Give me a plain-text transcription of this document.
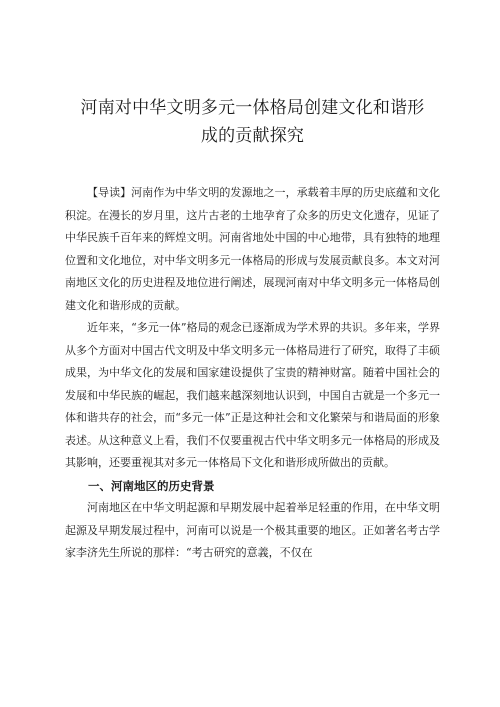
河南对中华文明多元一体格局创建文化和谐形
成的贡献探究

【导读】河南作为中华文明的发源地之一，承载着丰厚的历史底蕴和文化积淀。在漫长的岁月里，这片古老的土地孕育了众多的历史文化遗存，见证了中华民族千百年来的辉煌文明。河南省地处中国的中心地带，具有独特的地理位置和文化地位，对中华文明多元一体格局的形成与发展贡献良多。本文对河南地区文化的历史进程及地位进行阐述，展现河南对中华文明多元一体格局创建文化和谐形成的贡献。

近年来，“多元一体”格局的观念已逐渐成为学术界的共识。多年来，学界从多个方面对中国古代文明及中华文明多元一体格局进行了研究，取得了丰硕成果，为中华文化的发展和国家建设提供了宝贵的精神财富。随着中国社会的发展和中华民族的崛起，我们越来越深刻地认识到，中国自古就是一个多元一体和谐共存的社会，而“多元一体”正是这种社会和文化繁荣与和谐局面的形象表述。从这种意义上看，我们不仅要重视古代中华文明多元一体格局的形成及其影响，还要重视其对多元一体格局下文化和谐形成所做出的贡献。

一、河南地区的历史背景

河南地区在中华文明起源和早期发展中起着举足轻重的作用，在中华文明起源及早期发展过程中，河南可以说是一个极其重要的地区。正如著名考古学家李济先生所说的那样：“考古研究的意義，不仅在
